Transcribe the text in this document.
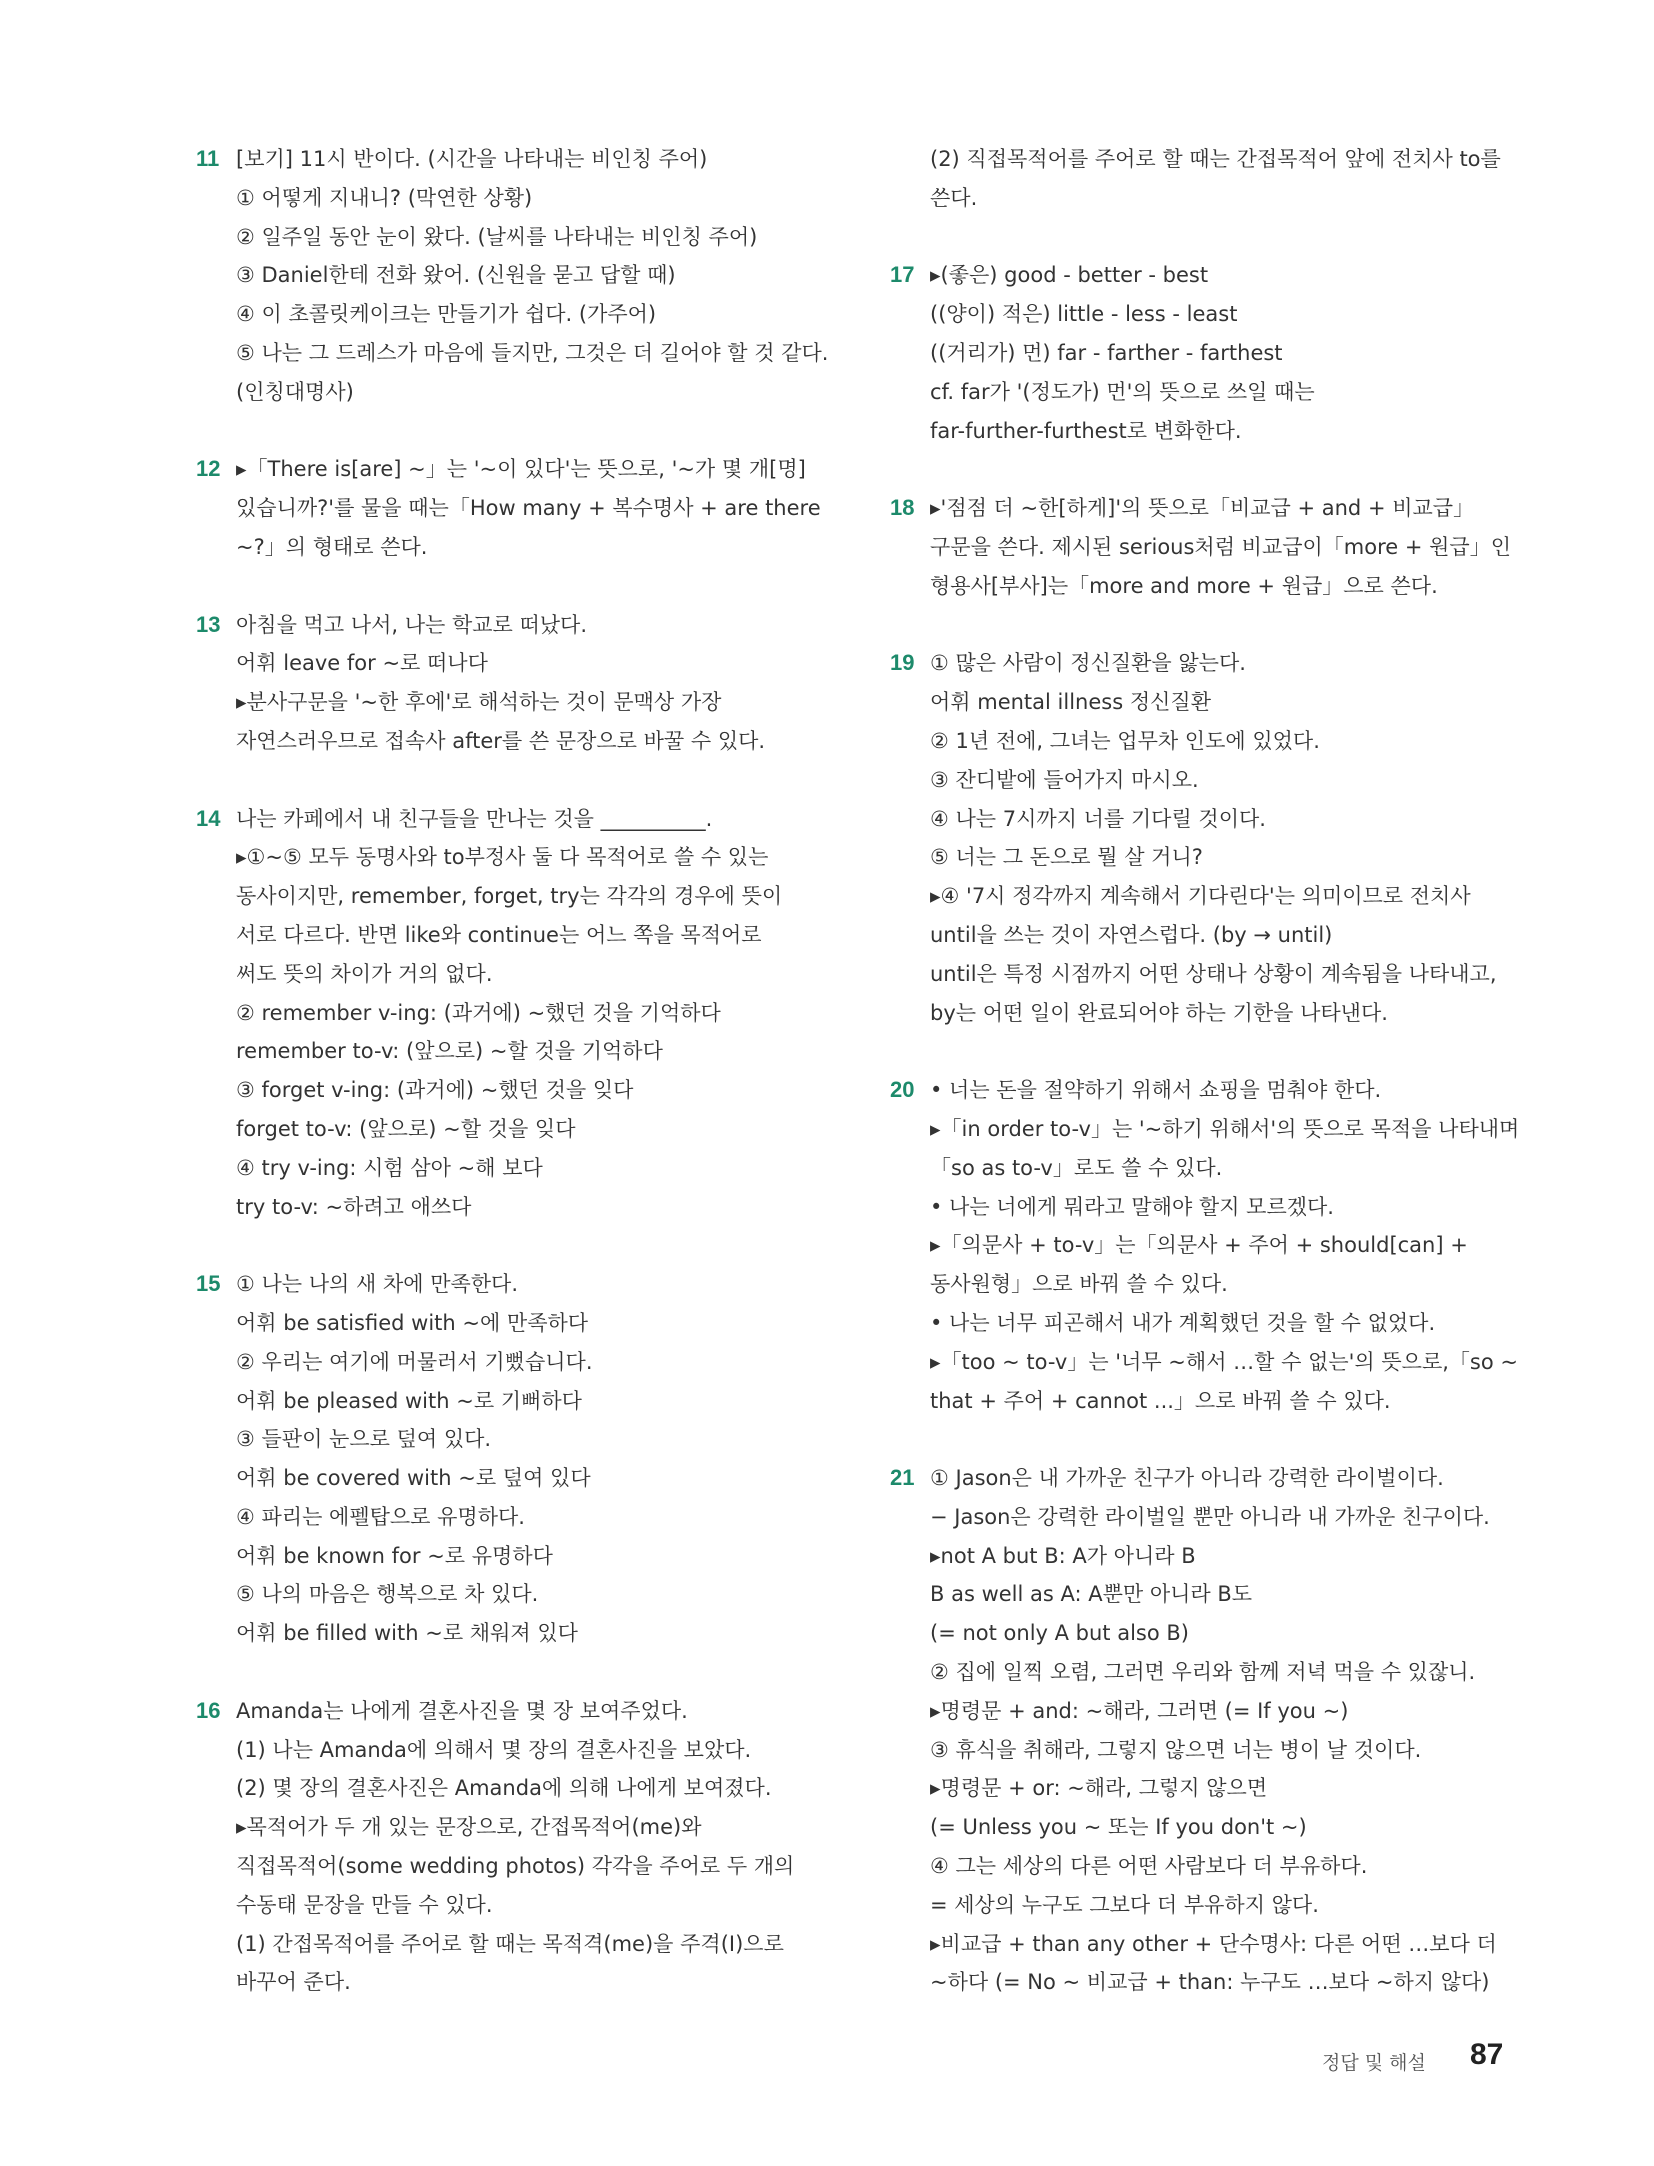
11 [보기] 11시 반이다. (시간을 나타내는 비인칭 주어)
① 어떻게 지내니? (막연한 상황)
② 일주일 동안 눈이 왔다. (날씨를 나타내는 비인칭 주어)
③ Daniel한테 전화 왔어. (신원을 묻고 답할 때)
④ 이 초콜릿케이크는 만들기가 쉽다. (가주어)
⑤ 나는 그 드레스가 마음에 들지만, 그것은 더 길어야 할 것 같다.
(인칭대명사)
12 ▸「There is[are] ~」는 '~이 있다'는 뜻으로, '~가 몇 개[명]
있습니까?'를 물을 때는「How many + 복수명사 + are there
~?」의 형태로 쓴다.
13 아침을 먹고 나서, 나는 학교로 떠났다.
어휘 leave for ~로 떠나다
▸분사구문을 '~한 후에'로 해석하는 것이 문맥상 가장
자연스러우므로 접속사 after를 쓴 문장으로 바꿀 수 있다.
14 나는 카페에서 내 친구들을 만나는 것을 __________.
▸①~⑤ 모두 동명사와 to부정사 둘 다 목적어로 쓸 수 있는
동사이지만, remember, forget, try는 각각의 경우에 뜻이
서로 다르다. 반면 like와 continue는 어느 쪽을 목적어로
써도 뜻의 차이가 거의 없다.
② remember v-ing: (과거에) ~했던 것을 기억하다
remember to-v: (앞으로) ~할 것을 기억하다
③ forget v-ing: (과거에) ~했던 것을 잊다
forget to-v: (앞으로) ~할 것을 잊다
④ try v-ing: 시험 삼아 ~해 보다
try to-v: ~하려고 애쓰다
15 ① 나는 나의 새 차에 만족한다.
어휘 be satisfied with ~에 만족하다
② 우리는 여기에 머물러서 기뻤습니다.
어휘 be pleased with ~로 기뻐하다
③ 들판이 눈으로 덮여 있다.
어휘 be covered with ~로 덮여 있다
④ 파리는 에펠탑으로 유명하다.
어휘 be known for ~로 유명하다
⑤ 나의 마음은 행복으로 차 있다.
어휘 be filled with ~로 채워져 있다
16 Amanda는 나에게 결혼사진을 몇 장 보여주었다.
(1) 나는 Amanda에 의해서 몇 장의 결혼사진을 보았다.
(2) 몇 장의 결혼사진은 Amanda에 의해 나에게 보여졌다.
▸목적어가 두 개 있는 문장으로, 간접목적어(me)와
직접목적어(some wedding photos) 각각을 주어로 두 개의
수동태 문장을 만들 수 있다.
(1) 간접목적어를 주어로 할 때는 목적격(me)을 주격(I)으로
바꾸어 준다.
(2) 직접목적어를 주어로 할 때는 간접목적어 앞에 전치사 to를
쓴다.
17 ▸(좋은) good - better - best
((양이) 적은) little - less - least
((거리가) 먼) far - farther - farthest
cf. far가 '(정도가) 먼'의 뜻으로 쓰일 때는
far-further-furthest로 변화한다.
18 ▸'점점 더 ~한[하게]'의 뜻으로「비교급 + and + 비교급」
구문을 쓴다. 제시된 serious처럼 비교급이「more + 원급」인
형용사[부사]는「more and more + 원급」으로 쓴다.
19 ① 많은 사람이 정신질환을 앓는다.
어휘 mental illness 정신질환
② 1년 전에, 그녀는 업무차 인도에 있었다.
③ 잔디밭에 들어가지 마시오.
④ 나는 7시까지 너를 기다릴 것이다.
⑤ 너는 그 돈으로 뭘 살 거니?
▸④ '7시 정각까지 계속해서 기다린다'는 의미이므로 전치사
until을 쓰는 것이 자연스럽다. (by → until)
until은 특정 시점까지 어떤 상태나 상황이 계속됨을 나타내고,
by는 어떤 일이 완료되어야 하는 기한을 나타낸다.
20 • 너는 돈을 절약하기 위해서 쇼핑을 멈춰야 한다.
▸「in order to-v」는 '~하기 위해서'의 뜻으로 목적을 나타내며
「so as to-v」로도 쓸 수 있다.
• 나는 너에게 뭐라고 말해야 할지 모르겠다.
▸「의문사 + to-v」는「의문사 + 주어 + should[can] +
동사원형」으로 바꿔 쓸 수 있다.
• 나는 너무 피곤해서 내가 계획했던 것을 할 수 없었다.
▸「too ~ to-v」는 '너무 ~해서 …할 수 없는'의 뜻으로,「so ~
that + 주어 + cannot ...」으로 바꿔 쓸 수 있다.
21 ① Jason은 내 가까운 친구가 아니라 강력한 라이벌이다.
− Jason은 강력한 라이벌일 뿐만 아니라 내 가까운 친구이다.
▸not A but B: A가 아니라 B
B as well as A: A뿐만 아니라 B도
(= not only A but also B)
② 집에 일찍 오렴, 그러면 우리와 함께 저녁 먹을 수 있잖니.
▸명령문 + and: ~해라, 그러면 (= If you ~)
③ 휴식을 취해라, 그렇지 않으면 너는 병이 날 것이다.
▸명령문 + or: ~해라, 그렇지 않으면
(= Unless you ~ 또는 If you don't ~)
④ 그는 세상의 다른 어떤 사람보다 더 부유하다.
= 세상의 누구도 그보다 더 부유하지 않다.
▸비교급 + than any other + 단수명사: 다른 어떤 …보다 더
~하다 (= No ~ 비교급 + than: 누구도 …보다 ~하지 않다)
정답 및 해설 87
